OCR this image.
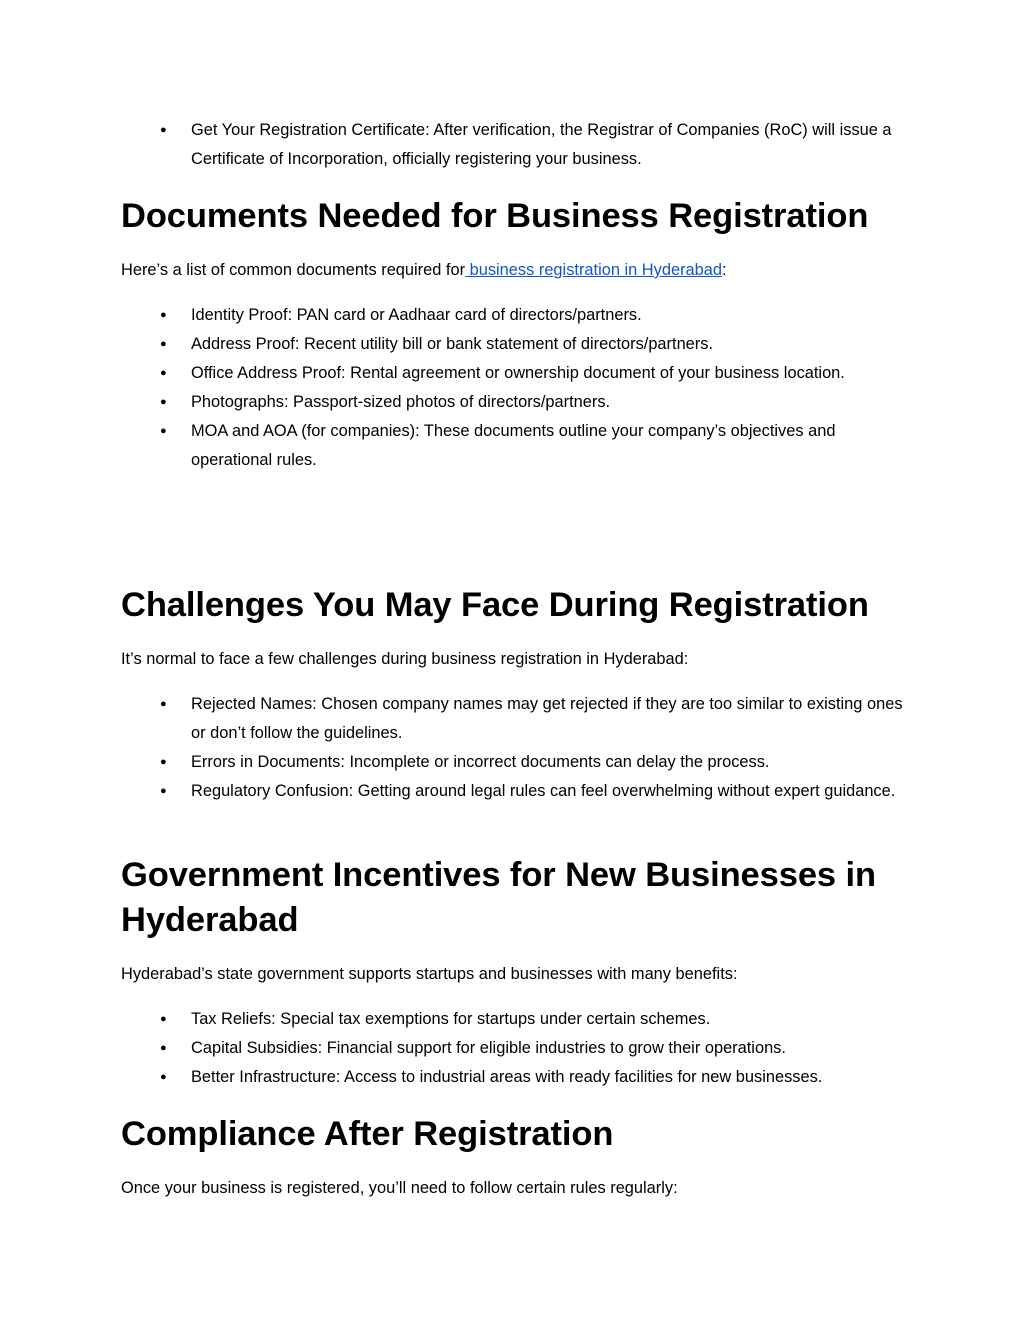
● Get Your Registration Certificate: After verification, the Registrar of Companies (RoC) will issue a Certificate of Incorporation, officially registering your business.
Documents Needed for Business Registration

Here’s a list of common documents required for business registration in Hyderabad:

● Identity Proof: PAN card or Aadhaar card of directors/partners.
● Address Proof: Recent utility bill or bank statement of directors/partners.
● Office Address Proof: Rental agreement or ownership document of your business location.
● Photographs: Passport-sized photos of directors/partners.
● MOA and AOA (for companies): These documents outline your company’s objectives and operational rules.
Challenges You May Face During Registration

It’s normal to face a few challenges during business registration in Hyderabad:

● Rejected Names: Chosen company names may get rejected if they are too similar to existing ones or don’t follow the guidelines.
● Errors in Documents: Incomplete or incorrect documents can delay the process.
● Regulatory Confusion: Getting around legal rules can feel overwhelming without expert guidance.
Government Incentives for New Businesses in Hyderabad

Hyderabad’s state government supports startups and businesses with many benefits:

● Tax Reliefs: Special tax exemptions for startups under certain schemes.
● Capital Subsidies: Financial support for eligible industries to grow their operations.
● Better Infrastructure: Access to industrial areas with ready facilities for new businesses.
Compliance After Registration

Once your business is registered, you’ll need to follow certain rules regularly:
